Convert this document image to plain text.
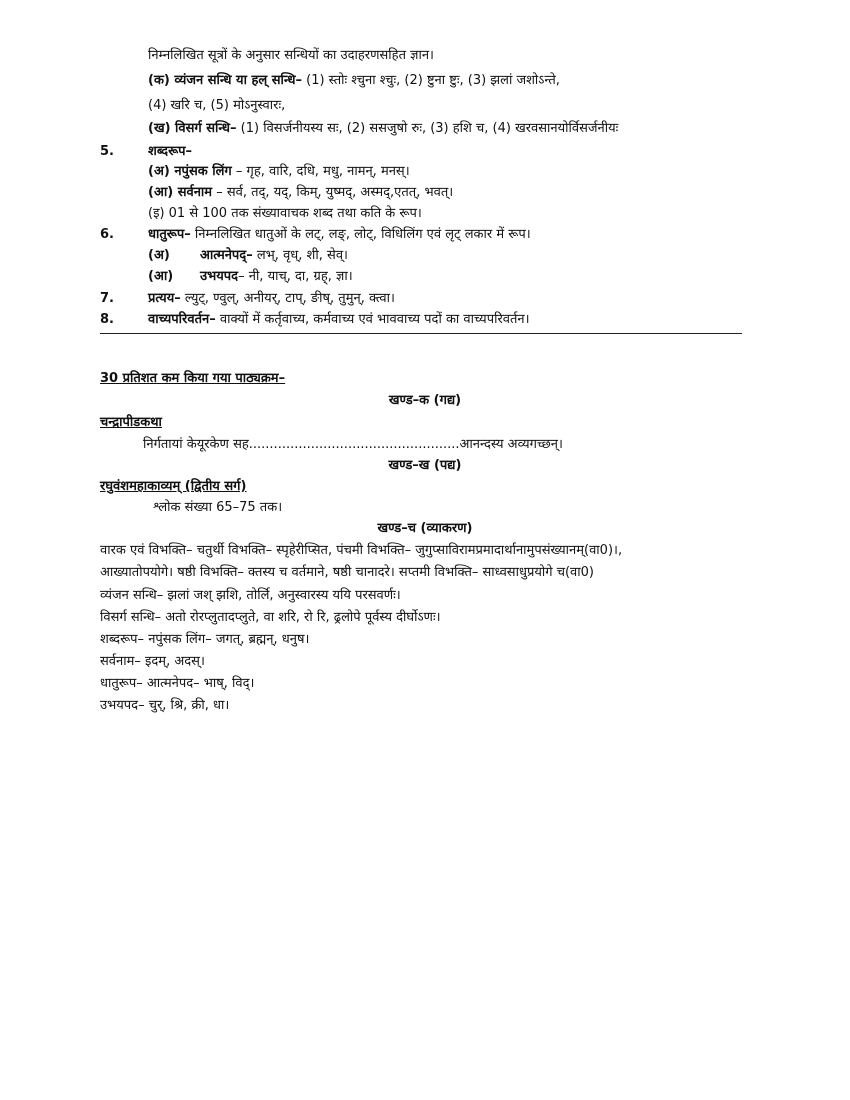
निम्नलिखित सूत्रों के अनुसार सन्धियों का उदाहरणसहित ज्ञान।
(क) व्यंजन सन्धि या हल् सन्धि– (1) स्तोः श्चुना श्चुः, (2) ष्टुना ष्टुः, (3) झलां जशोऽन्ते,
(4) खरि च, (5) मोऽनुस्वारः,
(ख) विसर्ग सन्धि– (1) विसर्जनीयस्य सः, (2) ससजुषो रुः, (3) हशि च, (4) खरवसानयोर्विसर्जनीयः
5.	शब्दरूप–
(अ) नपुंसक लिंग – गृह, वारि, दधि, मधु, नामन्, मनस्।
(आ) सर्वनाम – सर्व, तद्, यद्, किम्, युष्मद्, अस्मद्,एतत्, भवत्।
(इ) 01 से 100 तक संख्यावाचक शब्द तथा कति के रूप।
6.	धातुरूप– निम्नलिखित धातुओं के लट्, लङ्, लोट्, विधिलिंग एवं लृट् लकार में रूप।
(अ) आत्मनेपद्– लभ्, वृध्, शी, सेव्।
(आ) उभयपद– नी, याच्, दा, ग्रह्, ज्ञा।
7.	प्रत्यय– ल्युट्, ण्वुल्, अनीयर्, टाप्, ङीष्, तुमुन्, क्त्वा।
8.	वाच्यपरिवर्तन– वाक्यों में कर्तृवाच्य, कर्मवाच्य एवं भाववाच्य पदों का वाच्यपरिवर्तन।
30 प्रतिशत कम किया गया पाठ्यक्रम–
खण्ड–क (गद्य)
चन्द्रापीडकथा
निर्गतायां केयूरकेण सह...................................................आनन्दस्य अव्यगच्छन्।
खण्ड–ख (पद्य)
रघुवंशमहाकाव्यम् (द्वितीय सर्ग)
श्लोक संख्या 65–75 तक।
खण्ड–च (व्याकरण)
वारक एवं विभक्ति– चतुर्थी विभक्ति– स्पृहेरीप्सित, पंचमी विभक्ति– जुगुप्साविरामप्रमादार्थानामुपसंख्यानम्(वा0)।,
आख्यातोपयोगे। षष्ठी विभक्ति– क्तस्य च वर्तमाने, षष्ठी चानादरे। सप्तमी विभक्ति– साध्वसाधुप्रयोगे च(वा0)
व्यंजन सन्धि– झलां जश् झशि, तोर्लि, अनुस्वारस्य ययि परसवर्णः।
विसर्ग सन्धि– अतो रोरप्लुतादप्लुते, वा शरि, रो रि, ढ्रलोपे पूर्वस्य दीर्घोऽणः।
शब्दरूप– नपुंसक लिंग– जगत्, ब्रह्मन्, धनुष।
सर्वनाम– इदम्, अदस्।
धातुरूप– आत्मनेपद– भाष्, विद्।
उभयपद– चुर्, श्रि, क्री, धा।
